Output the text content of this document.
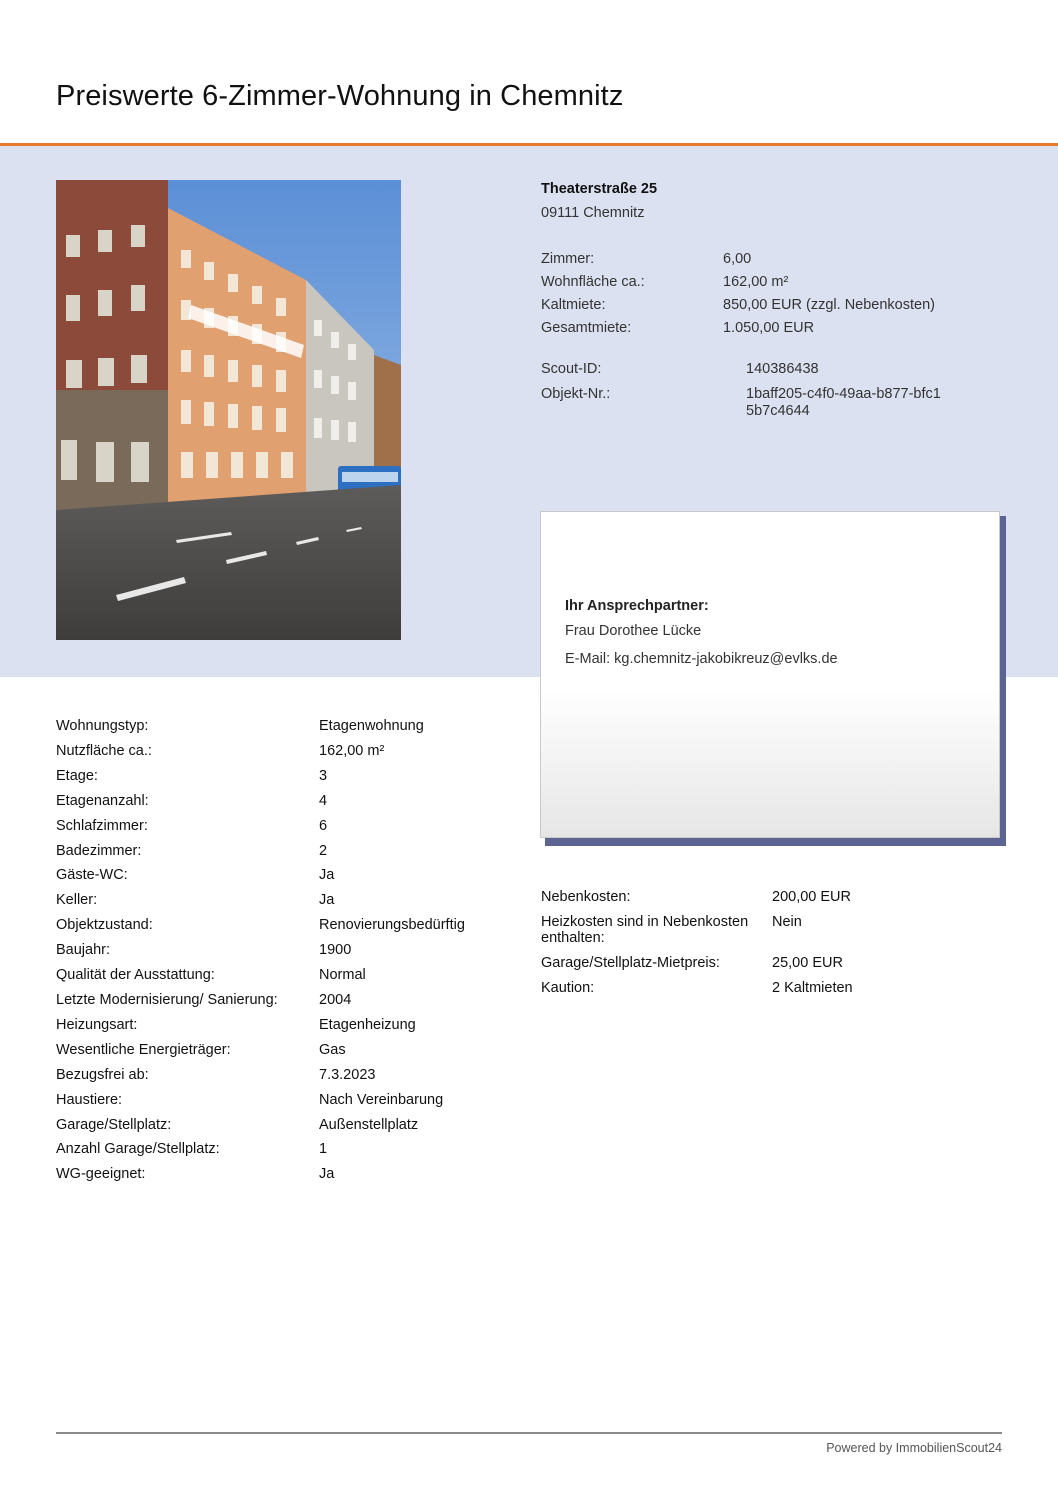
Preiswerte 6-Zimmer-Wohnung in Chemnitz
Theaterstraße 25
09111 Chemnitz
Zimmer:	6,00
Wohnfläche ca.:	162,00 m²
Kaltmiete:	850,00 EUR (zzgl. Nebenkosten)
Gesamtmiete:	1.050,00 EUR
Scout-ID:	140386438
Objekt-Nr.:	1baff205-c4f0-49aa-b877-bfc15b7c4644
Ihr Ansprechpartner:
Frau Dorothee Lücke
E-Mail: kg.chemnitz-jakobikreuz@evlks.de
Wohnungstyp:	Etagenwohnung
Nutzfläche ca.:	162,00 m²
Etage:	3
Etagenanzahl:	4
Schlafzimmer:	6
Badezimmer:	2
Gäste-WC:	Ja
Keller:	Ja
Objektzustand:	Renovierungsbedürftig
Baujahr:	1900
Qualität der Ausstattung:	Normal
Letzte Modernisierung/ Sanierung:	2004
Heizungsart:	Etagenheizung
Wesentliche Energieträger:	Gas
Bezugsfrei ab:	7.3.2023
Haustiere:	Nach Vereinbarung
Garage/Stellplatz:	Außenstellplatz
Anzahl Garage/Stellplatz:	1
WG-geeignet:	Ja
Nebenkosten:	200,00 EUR
Heizkosten sind in Nebenkosten enthalten:
Nein
Garage/Stellplatz-Mietpreis:	25,00 EUR
Kaution:	2 Kaltmieten
Powered by ImmobilienScout24
